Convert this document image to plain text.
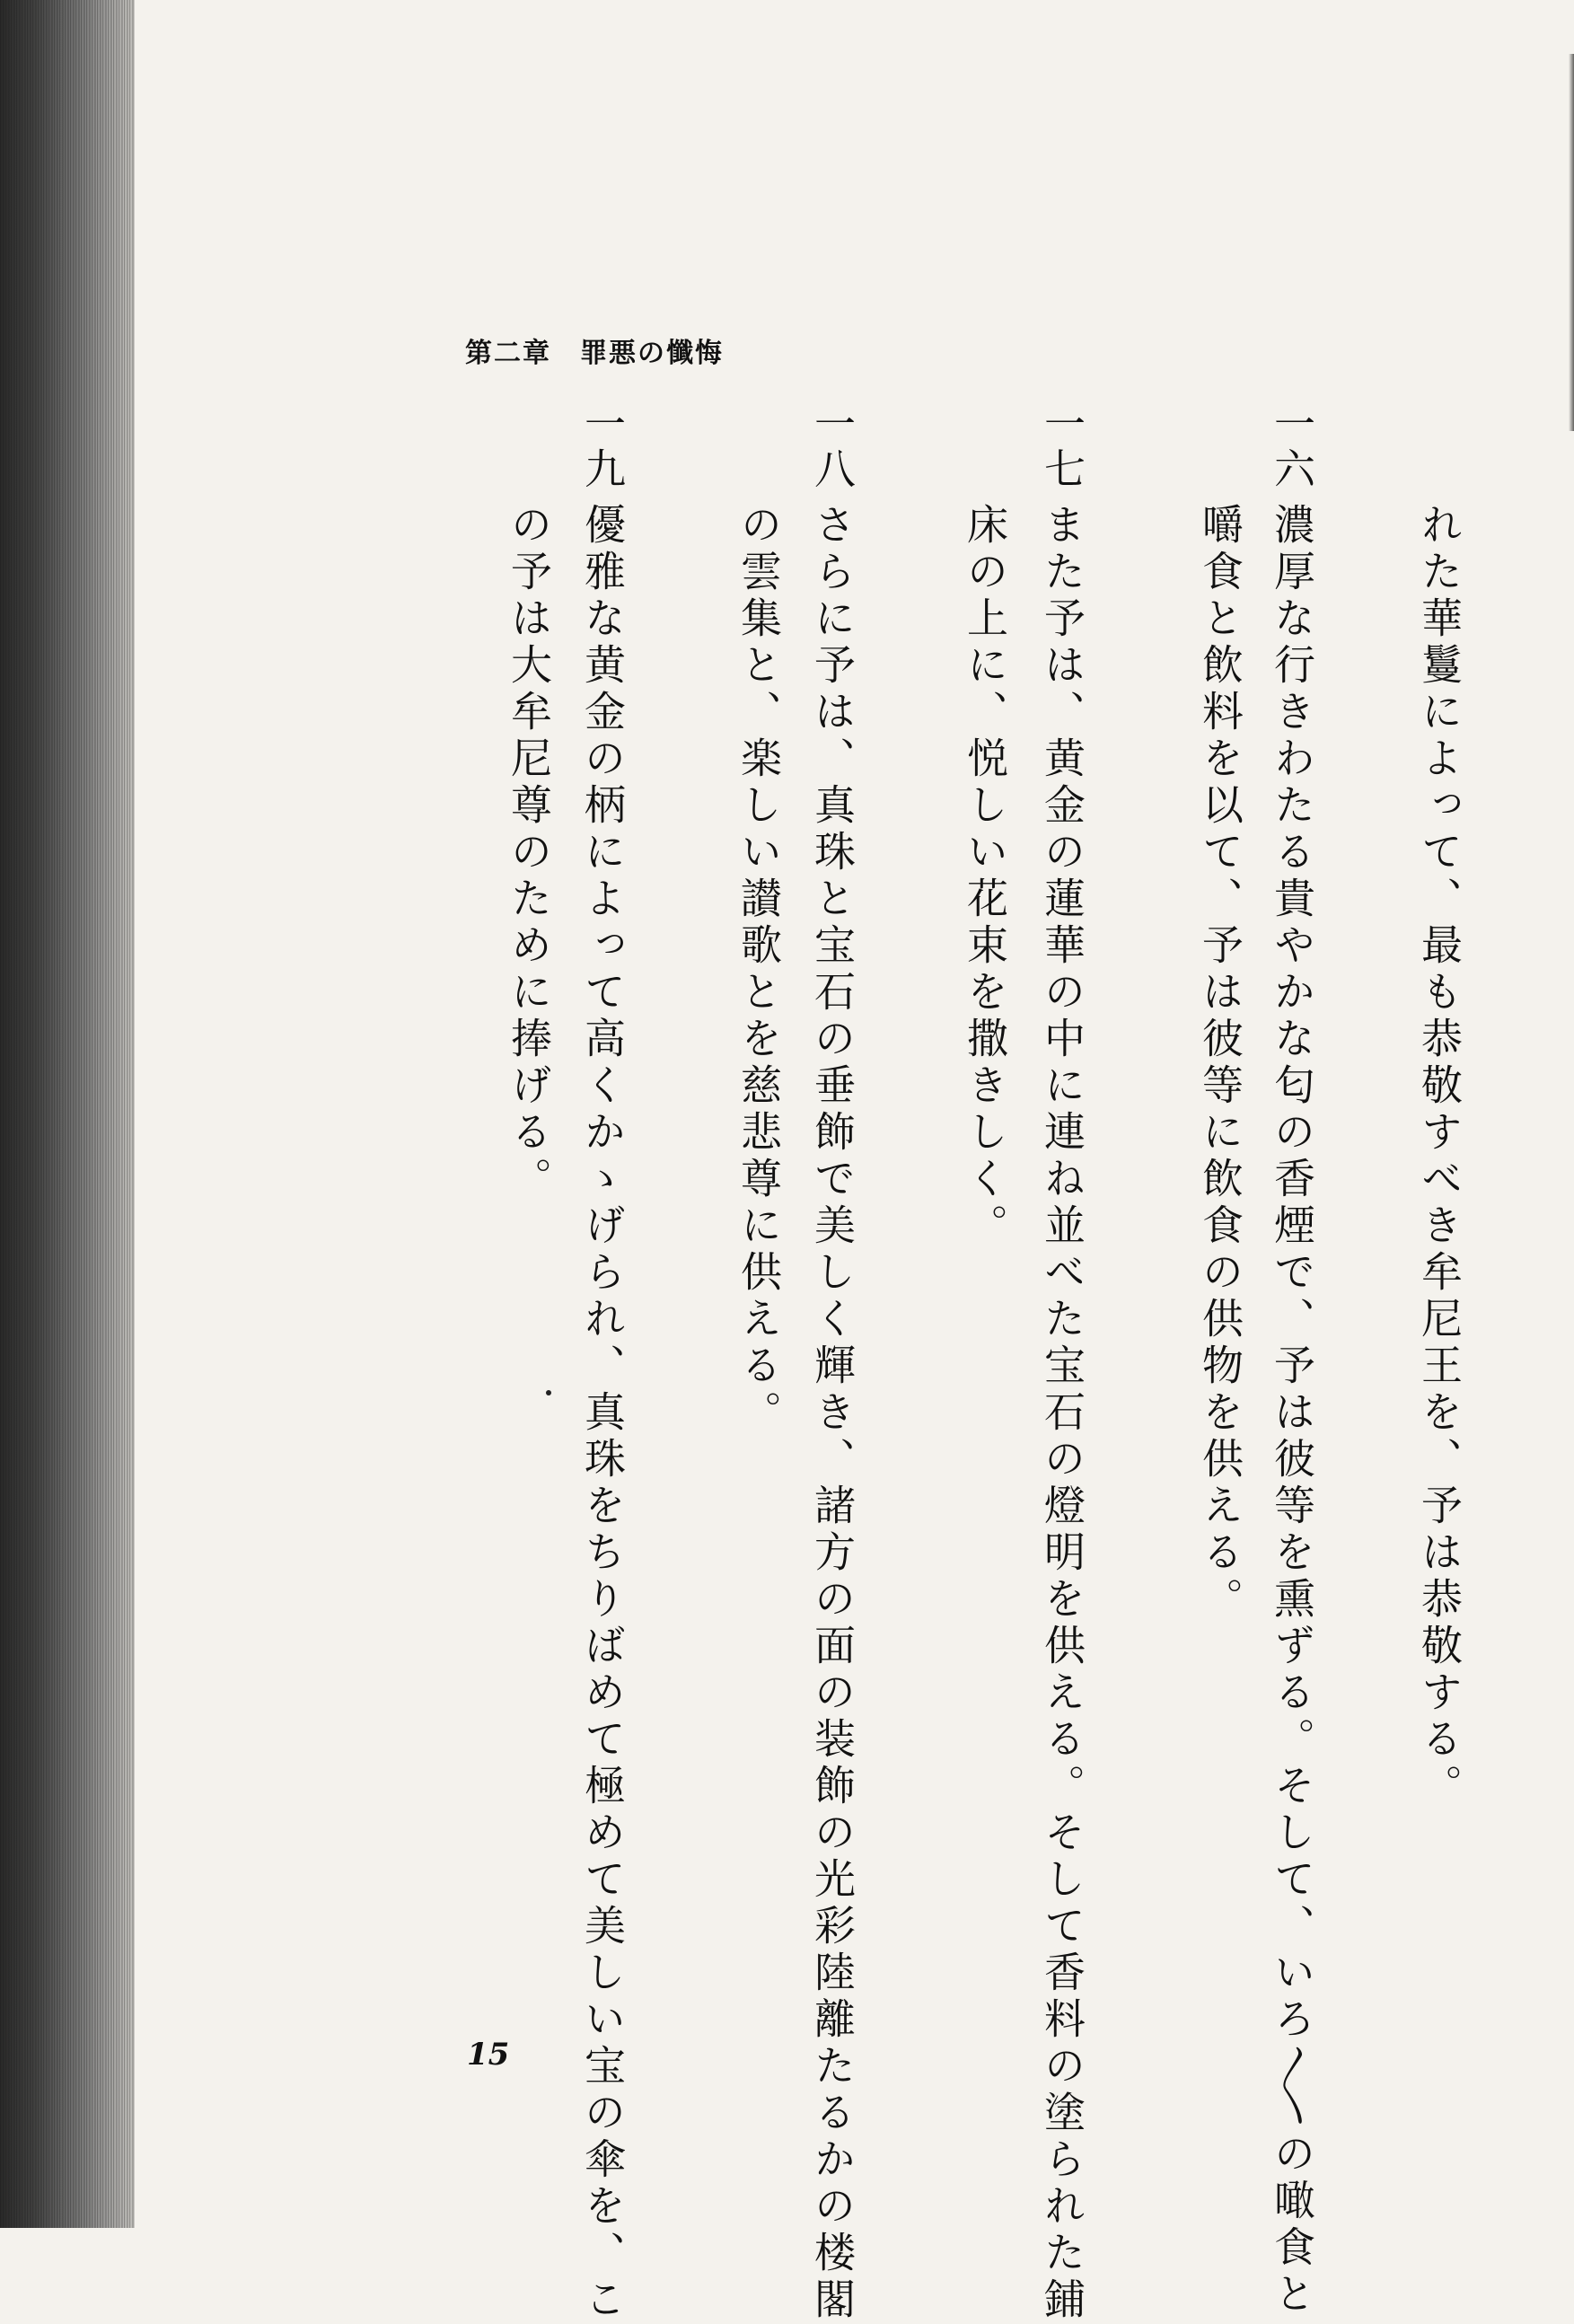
第二章　罪悪の懺悔
一六
一七
一八
一九
れた華鬘によって、最も恭敬すべき牟尼王を、予は恭敬する。
濃厚な行きわたる貴やかな匂の香煙で、予は彼等を熏ずる。そして、いろ〳〵の噉食と
嚼食と飲料を以て、予は彼等に飲食の供物を供える。
また予は、黄金の蓮華の中に連ね並べた宝石の燈明を供える。そして香料の塗られた鋪
床の上に、悦しい花束を撒きしく。
さらに予は、真珠と宝石の垂飾で美しく輝き、諸方の面の装飾の光彩陸離たるかの楼閣
の雲集と、楽しい讃歌とを慈悲尊に供える。
優雅な黄金の柄によって高くかゝげられ、真珠をちりばめて極めて美しい宝の傘を、こ
の予は大牟尼尊のために捧げる。
15
